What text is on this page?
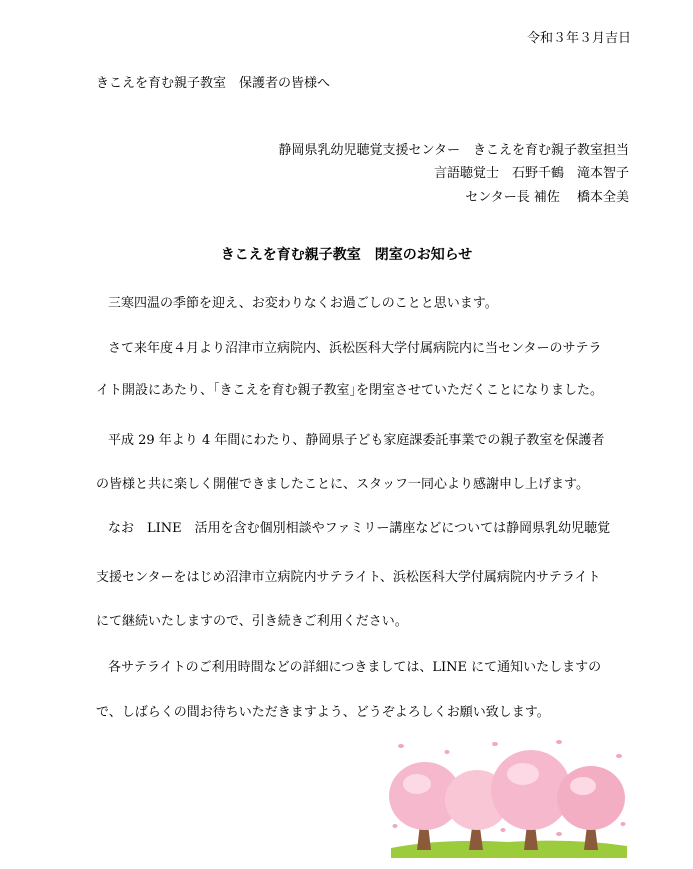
令和３年３月吉日
きこえを育む親子教室　保護者の皆様へ
静岡県乳幼児聴覚支援センター　きこえを育む親子教室担当
言語聴覚士　石野千鶴　滝本智子
センター長 補佐　 橋本全美
きこえを育む親子教室　閉室のお知らせ
三寒四温の季節を迎え、お変わりなくお過ごしのことと思います。
さて来年度４月より沼津市立病院内、浜松医科大学付属病院内に当センターのサテラ
イト開設にあたり、｢きこえを育む親子教室｣を閉室させていただくことになりました。
平成 29 年より 4 年間にわたり、静岡県子ども家庭課委託事業での親子教室を保護者
の皆様と共に楽しく開催できましたことに、スタッフ一同心より感謝申し上げます。
なお　LINE　活用を含む個別相談やファミリー講座などについては静岡県乳幼児聴覚
支援センターをはじめ沼津市立病院内サテライト、浜松医科大学付属病院内サテライト
にて継続いたしますので、引き続きご利用ください。
各サテライトのご利用時間などの詳細につきましては、LINE にて通知いたしますの
で、しばらくの間お待ちいただきますよう、どうぞよろしくお願い致します。
